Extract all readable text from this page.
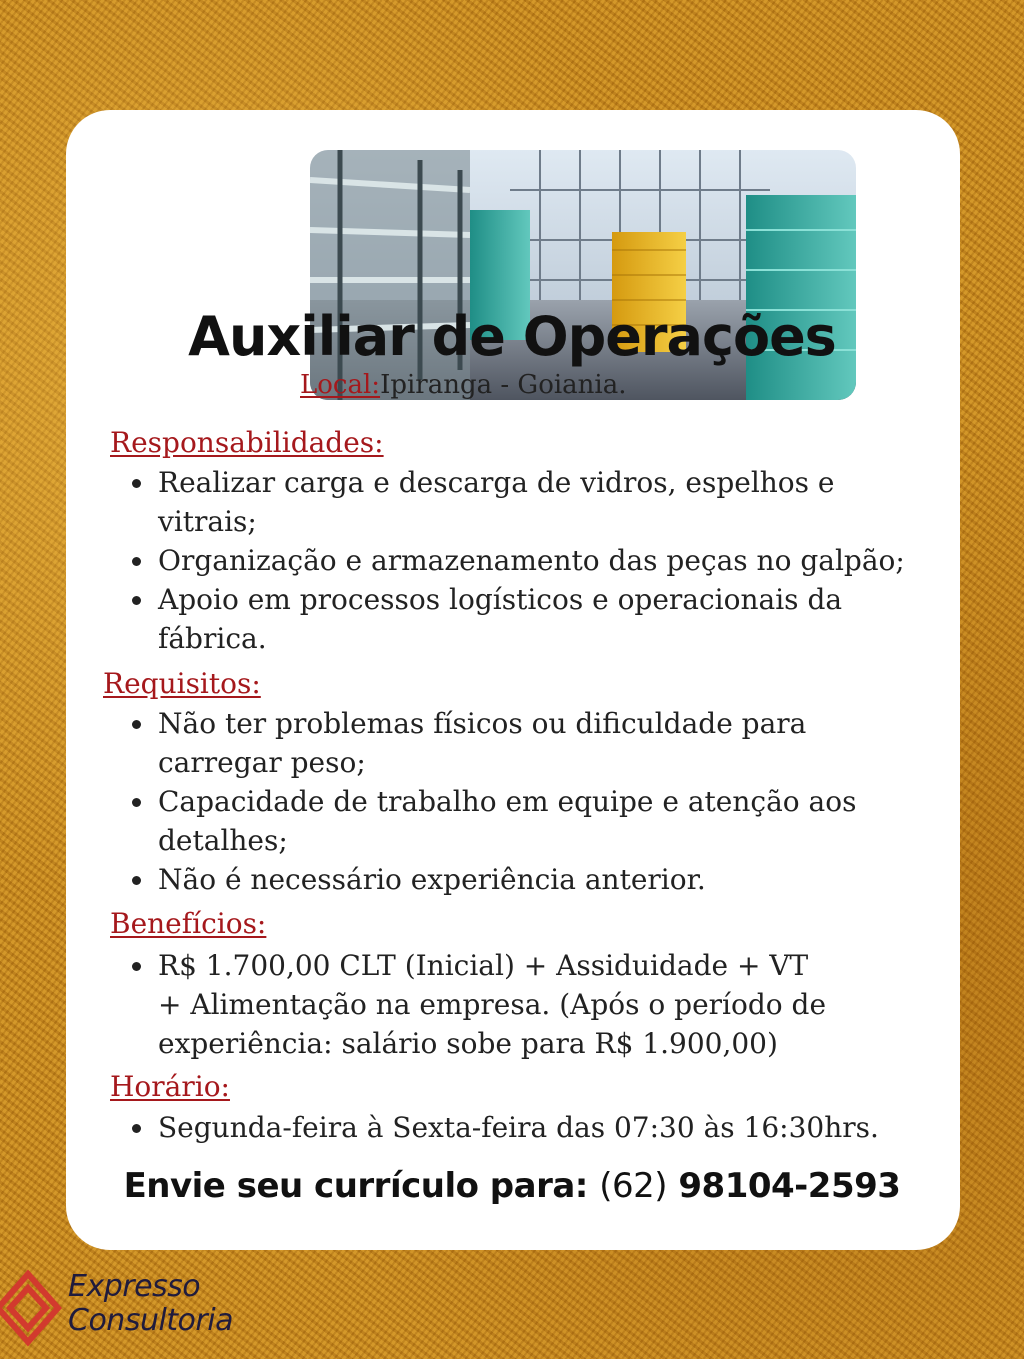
Auxiliar de Operações
Local:Ipiranga - Goiania.
Responsabilidades:
Realizar carga e descarga de vidros, espelhos e vitrais;
Organização e armazenamento das peças no galpão;
Apoio em processos logísticos e operacionais da fábrica.
Requisitos:
Não ter problemas físicos ou dificuldade para carregar peso;
Capacidade de trabalho em equipe e atenção aos detalhes;
Não é necessário experiência anterior.
Benefícios:
R$ 1.700,00 CLT (Inicial) + Assiduidade + VT + Alimentação na empresa. (Após o período de experiência: salário sobe para R$ 1.900,00)
Horário:
Segunda-feira à Sexta-feira das 07:30 às 16:30hrs.
Envie seu currículo para: (62) 98104-2593
Expresso
Consultoria
